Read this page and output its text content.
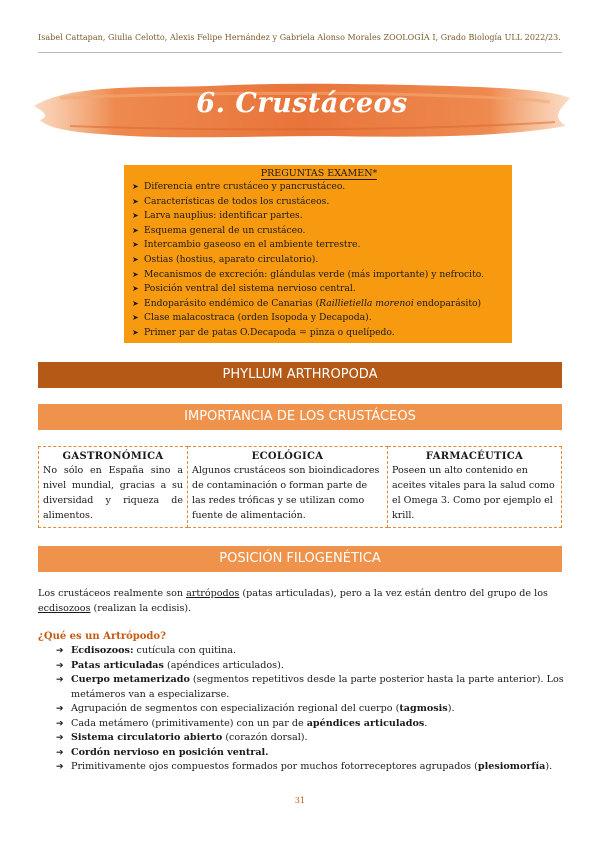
Isabel Cattapan, Giulia Celotto, Alexis Felipe Hernández y Gabriela Alonso Morales ZOOLOGÍA I, Grado Biología ULL 2022/23.
6. Crustáceos
PREGUNTAS EXAMEN*
➤ Diferencia entre crustáceo y pancrustáceo.
➤ Características de todos los crustáceos.
➤ Larva nauplius: identificar partes.
➤ Esquema general de un crustáceo.
➤ Intercambio gaseoso en el ambiente terrestre.
➤ Ostias (hostius, aparato circulatorio).
➤ Mecanismos de excreción: glándulas verde (más importante) y nefrocito.
➤ Posición ventral del sistema nervioso central.
➤ Endoparásito endémico de Canarias (Raillietiella morenoi endoparásito)
➤ Clase malacostraca (orden Isopoda y Decapoda).
➤ Primer par de patas O.Decapoda = pinza o quelípedo.
PHYLLUM ARTHROPODA
IMPORTANCIA DE LOS CRUSTÁCEOS
GASTRONÓMICA
No sólo en España sino a nivel mundial, gracias a su diversidad y riqueza de alimentos.
ECOLÓGICA
Algunos crustáceos son bioindicadores de contaminación o forman parte de las redes tróficas y se utilizan como fuente de alimentación.
FARMACÉUTICA
Poseen un alto contenido en aceites vitales para la salud como el Omega 3. Como por ejemplo el krill.
POSICIÓN FILOGENÉTICA
Los crustáceos realmente son artrópodos (patas articuladas), pero a la vez están dentro del grupo de los ecdisozoos (realizan la ecdisis).
¿Qué es un Artrópodo?
➔ Ecdisozoos: cutícula con quitina.
➔ Patas articuladas (apéndices articulados).
➔ Cuerpo metamerizado (segmentos repetitivos desde la parte posterior hasta la parte anterior). Los metámeros van a especializarse.
➔ Agrupación de segmentos con especialización regional del cuerpo (tagmosis).
➔ Cada metámero (primitivamente) con un par de apéndices articulados.
➔ Sistema circulatorio abierto (corazón dorsal).
➔ Cordón nervioso en posición ventral.
➔ Primitivamente ojos compuestos formados por muchos fotorreceptores agrupados (plesiomorfía).
31
